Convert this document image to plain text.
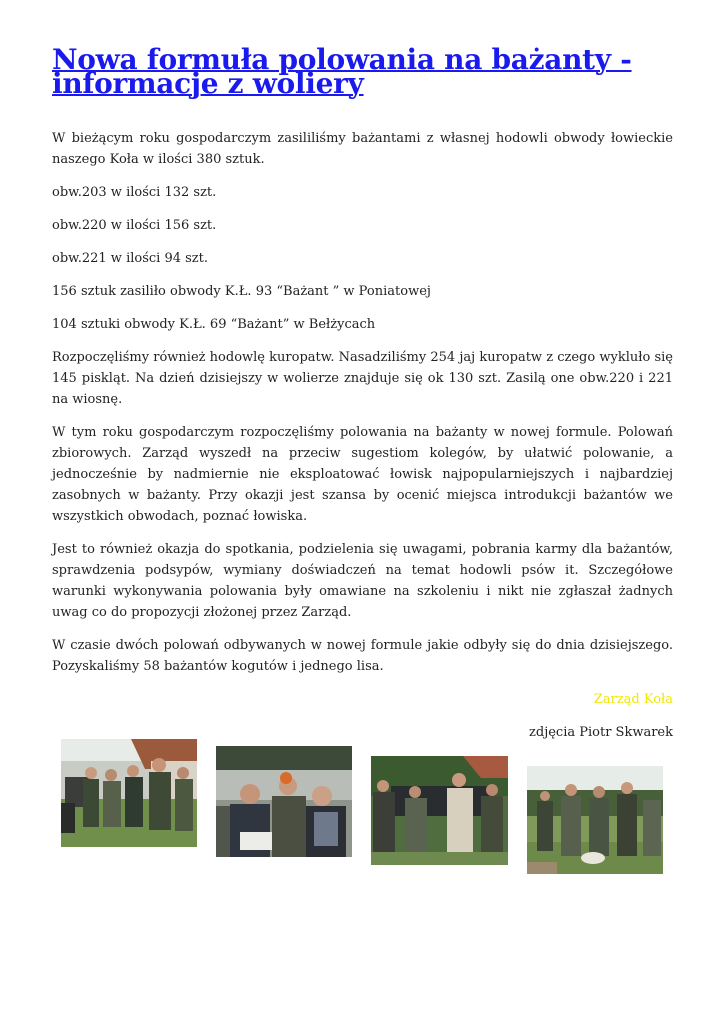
Nowa formuła polowania na bażanty - informacje z woliery

W bieżącym roku gospodarczym zasililiśmy bażantami z własnej hodowli obwody łowieckie naszego Koła w ilości 380 sztuk.

obw.203 w ilości 132 szt.

obw.220 w ilości 156 szt.

obw.221 w ilości 94 szt.

156 sztuk zasiliło obwody K.Ł. 93 “Bażant ” w Poniatowej

104 sztuki obwody K.Ł. 69 “Bażant” w Bełżycach

Rozpoczęliśmy również hodowlę kuropatw. Nasadziliśmy 254 jaj kuropatw z czego wykluło się 145 piskląt. Na dzień dzisiejszy w wolierze znajduje się ok 130 szt. Zasilą one obw.220 i 221 na wiosnę.

W tym roku gospodarczym rozpoczęliśmy polowania na bażanty w nowej formule. Polowań zbiorowych. Zarząd wyszedł na przeciw sugestiom kolegów, by ułatwić polowanie, a jednocześnie by nadmiernie nie eksploatować łowisk najpopularniejszych i najbardziej zasobnych w bażanty. Przy okazji jest szansa by ocenić miejsca introdukcji bażantów we wszystkich obwodach, poznać łowiska.

Jest to również okazja do spotkania, podzielenia się uwagami, pobrania karmy dla bażantów, sprawdzenia podsypów, wymiany doświadczeń na temat hodowli psów it. Szczegółowe warunki wykonywania polowania były omawiane na szkoleniu i nikt nie zgłaszał żadnych uwag co do propozycji złożonej przez Zarząd.

W czasie dwóch polowań odbywanych w nowej formule jakie odbyły się do dnia dzisiejszego. Pozyskaliśmy 58 bażantów kogutów i jednego lisa.

Zarząd Koła

zdjęcia Piotr Skwarek
